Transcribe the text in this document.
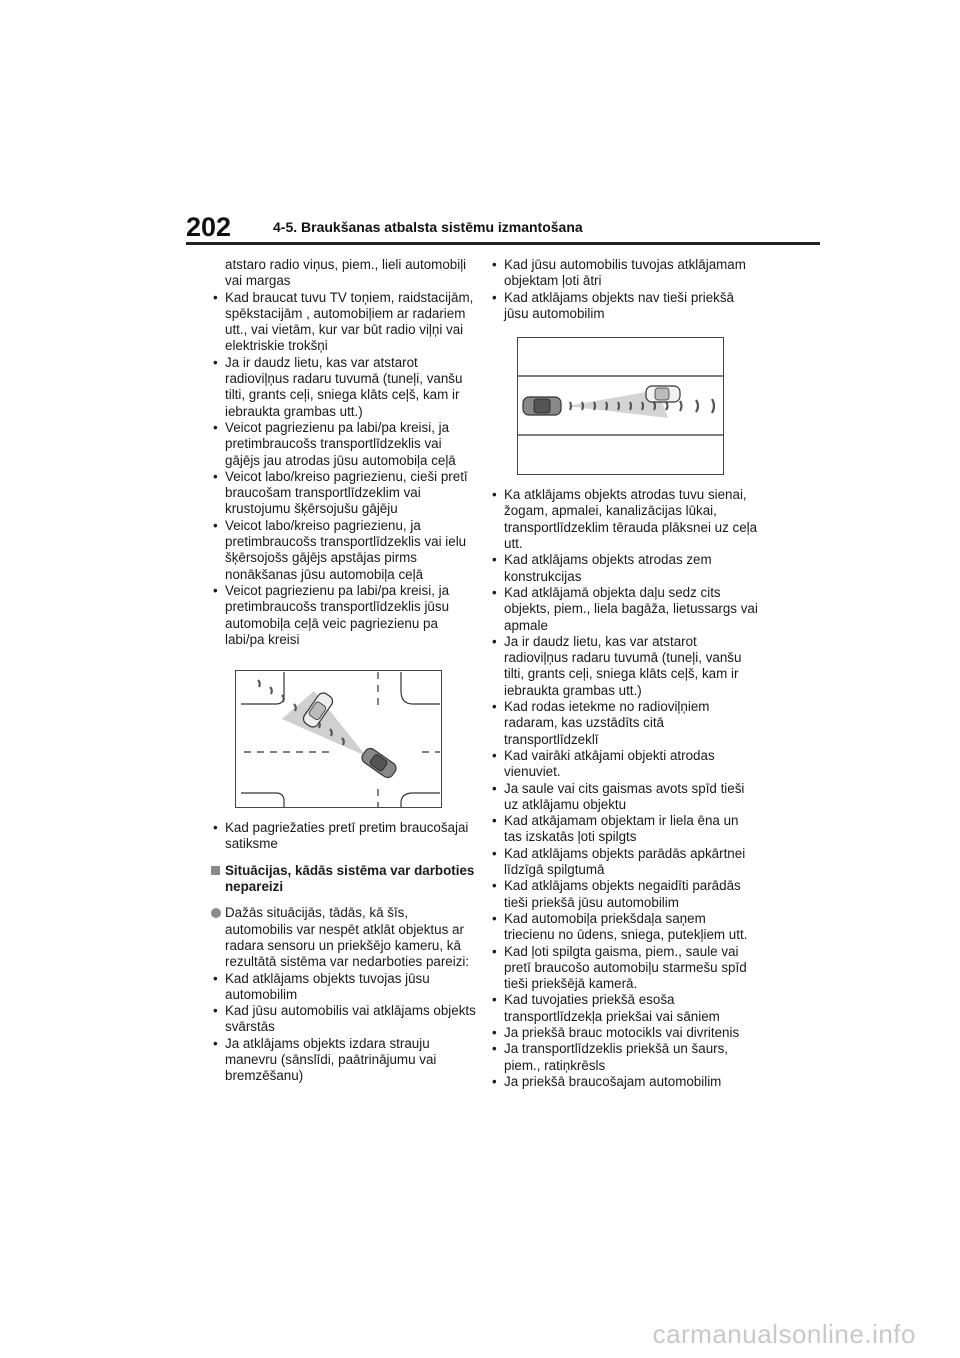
202	4-5. Braukšanas atbalsta sistēmu izmantošana
atstaro radio viņus, piem., lieli automobiļi vai margas
• Kad braucat tuvu TV toņiem, raidstacijām, spēkstacijām , automobiļiem ar radariem utt., vai vietām, kur var būt radio viļņi vai elektriskie trokšņi
• Ja ir daudz lietu, kas var atstarot radioviļņus radaru tuvumā (tuneļi, vanšu tilti, grants ceļi, sniega klāts ceļš, kam ir iebraukta grambas utt.)
• Veicot pagriezienu pa labi/pa kreisi, ja pretimbraucošs transportlīdzeklis vai gājējs jau atrodas jūsu automobiļa ceļā
• Veicot labo/kreiso pagriezienu, cieši pretī braucošam transportlīdzeklim vai krustojumu šķērsojušu gājēju
• Veicot labo/kreiso pagriezienu, ja pretimbraucošs transportlīdzeklis vai ielu šķērsojošs gājējs apstājas pirms nonākšanas jūsu automobiļa ceļā
• Veicot pagriezienu pa labi/pa kreisi, ja pretimbraucošs transportlīdzeklis jūsu automobiļa ceļā veic pagriezienu pa labi/pa kreisi
• Kad pagriežaties pretī pretim braucošajai satiksme
Situācijas, kādās sistēma var darboties nepareizi
Dažās situācijās, tādās, kā šīs, automobilis var nespēt atklāt objektus ar radara sensoru un priekšējo kameru, kā rezultātā sistēma var nedarboties pareizi:
• Kad atklājams objekts tuvojas jūsu automobilim
• Kad jūsu automobilis vai atklājams objekts svārstās
• Ja atklājams objekts izdara strauju manevru (sānslīdi, paātrinājumu vai bremzēšanu)
• Kad jūsu automobilis tuvojas atklājamam objektam ļoti ātri
• Kad atklājams objekts nav tieši priekšā jūsu automobilim
• Ka atklājams objekts atrodas tuvu sienai, žogam, apmalei, kanalizācijas lūkai, transportlīdzeklim tērauda plāksnei uz ceļa utt.
• Kad atklājams objekts atrodas zem konstrukcijas
• Kad atklājamā objekta daļu sedz cits objekts, piem., liela bagāža, lietussargs vai apmale
• Ja ir daudz lietu, kas var atstarot radioviļņus radaru tuvumā (tuneļi, vanšu tilti, grants ceļi, sniega klāts ceļš, kam ir iebraukta grambas utt.)
• Kad rodas ietekme no radioviļņiem radaram, kas uzstādīts citā transportlīdzeklī
• Kad vairāki atkājami objekti atrodas vienuviet.
• Ja saule vai cits gaismas avots spīd tieši uz atklājamu objektu
• Kad atkājamam objektam ir liela ēna un tas izskatās ļoti spilgts
• Kad atklājams objekts parādās apkārtnei līdzīgā spilgtumā
• Kad atklājams objekts negaidīti parādās tieši priekšā jūsu automobilim
• Kad automobiļa priekšdaļa saņem triecienu no ūdens, sniega, putekļiem utt.
• Kad ļoti spilgta gaisma, piem., saule vai pretī braucošo automobiļu starmešu spīd tieši priekšējā kamerā.
• Kad tuvojaties priekšā esoša transportlīdzekļa priekšai vai sāniem
• Ja priekšā brauc motocikls vai divritenis
• Ja transportlīdzeklis priekšā un šaurs, piem., ratiņkrēsls
• Ja priekšā braucošajam automobilim
carmanualsonline.info
